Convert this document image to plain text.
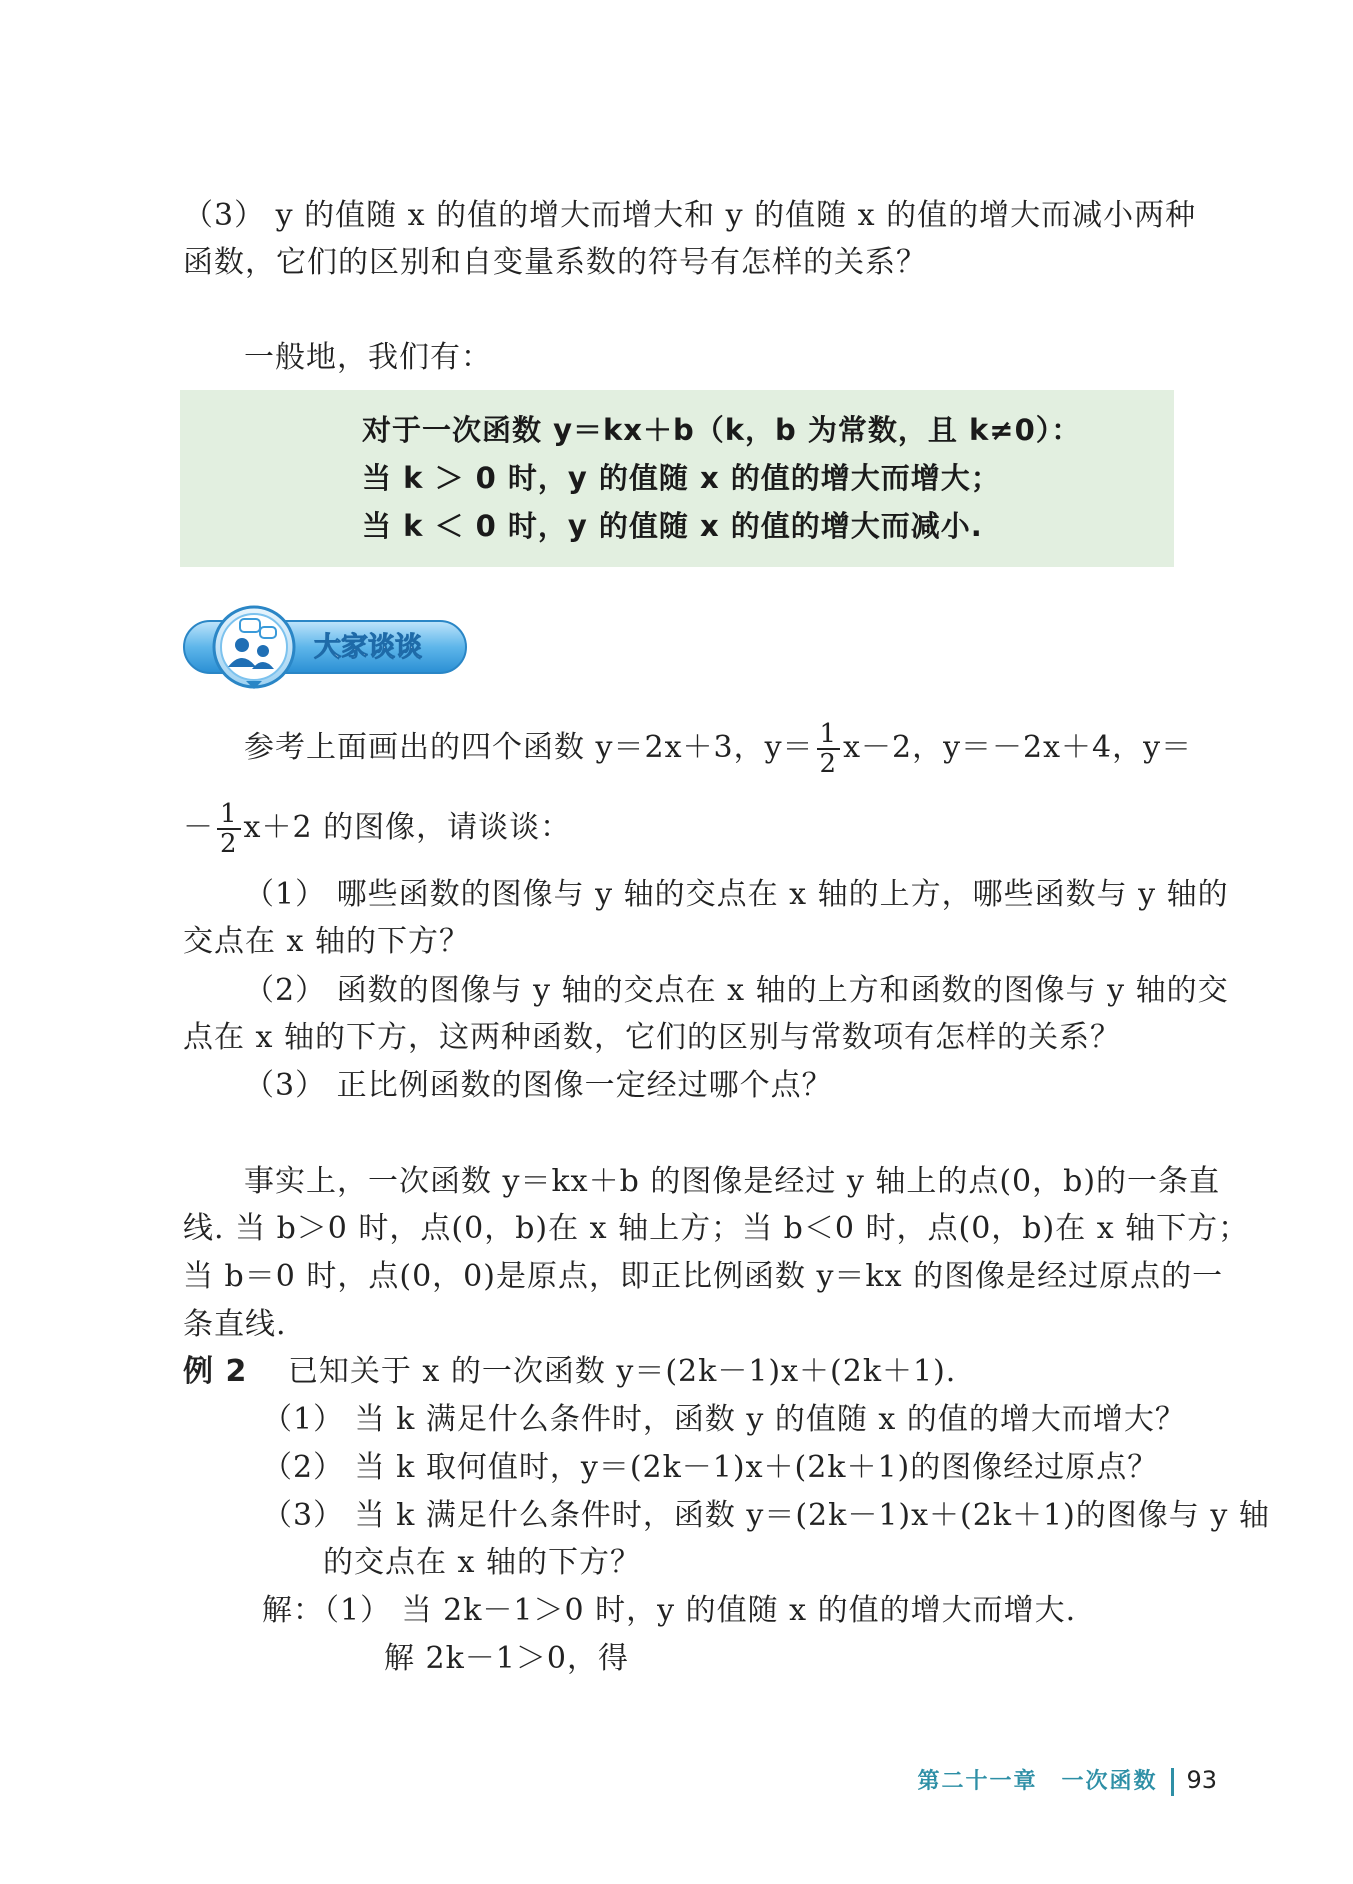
（3） y 的值随 x 的值的增大而增大和 y 的值随 x 的值的增大而减小两种
函数，它们的区别和自变量系数的符号有怎样的关系？
一般地，我们有：
对于一次函数 y＝kx＋b（k，b 为常数，且 k≠0）：
当 k ＞ 0 时，y 的值随 x 的值的增大而增大；
当 k ＜ 0 时，y 的值随 x 的值的增大而减小.
大家谈谈
参考上面画出的四个函数 y＝2x＋3，$y= \frac{1}{2} x-2$，y＝－2x＋4，y＝
－ $\frac{1}{2} x+2$ 的图像，请谈谈：
（1） 哪些函数的图像与 y 轴的交点在 x 轴的上方，哪些函数与 y 轴的
交点在 x 轴的下方？
（2） 函数的图像与 y 轴的交点在 x 轴的上方和函数的图像与 y 轴的交
点在 x 轴的下方，这两种函数，它们的区别与常数项有怎样的关系？
（3） 正比例函数的图像一定经过哪个点？
事实上，一次函数 y＝kx＋b 的图像是经过 y 轴上的点(0，b)的一条直
线. 当 b＞0 时，点(0，b)在 x 轴上方；当 b＜0 时，点(0，b)在 x 轴下方；
当 b＝0 时，点(0，0)是原点，即正比例函数 y＝kx 的图像是经过原点的一
条直线.
例 2 已知关于 x 的一次函数 y＝(2k－1)x＋(2k＋1).
（1） 当 k 满足什么条件时，函数 y 的值随 x 的值的增大而增大？
（2） 当 k 取何值时，y＝(2k－1)x＋(2k＋1)的图像经过原点？
（3） 当 k 满足什么条件时，函数 y＝(2k－1)x＋(2k＋1)的图像与 y 轴
的交点在 x 轴的下方？
解：（1） 当 2k－1＞0 时，y 的值随 x 的值的增大而增大.
解 2k－1＞0，得
第二十一章　一次函数 93
